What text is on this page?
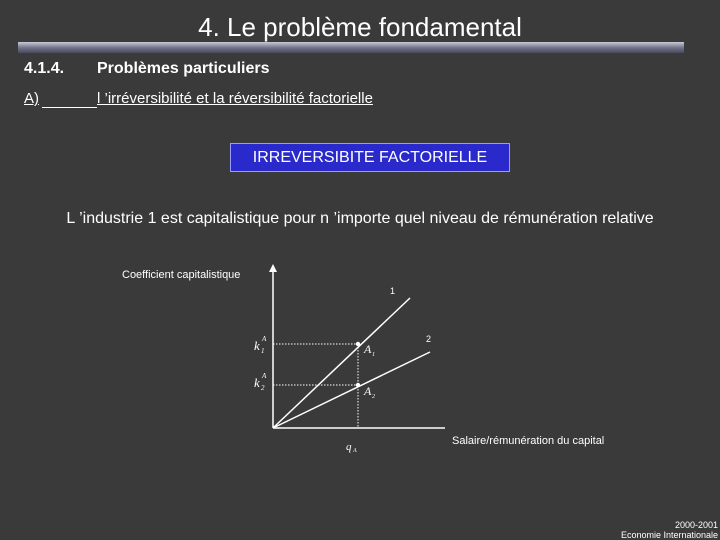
4. Le problème fondamental
4.1.4. Problèmes particuliers
A)	l ’irréversibilité et la réversibilité factorielle
IRREVERSIBITE FACTORIELLE
L ’industrie 1 est capitalistique pour n ’importe quel niveau de rémunération relative
Coefficient capitalistique
Salaire/rémunération du capital
1
2
k 1
A
k 2
A
A 1
A 2
q A
2000-2001
Economie Internationale
